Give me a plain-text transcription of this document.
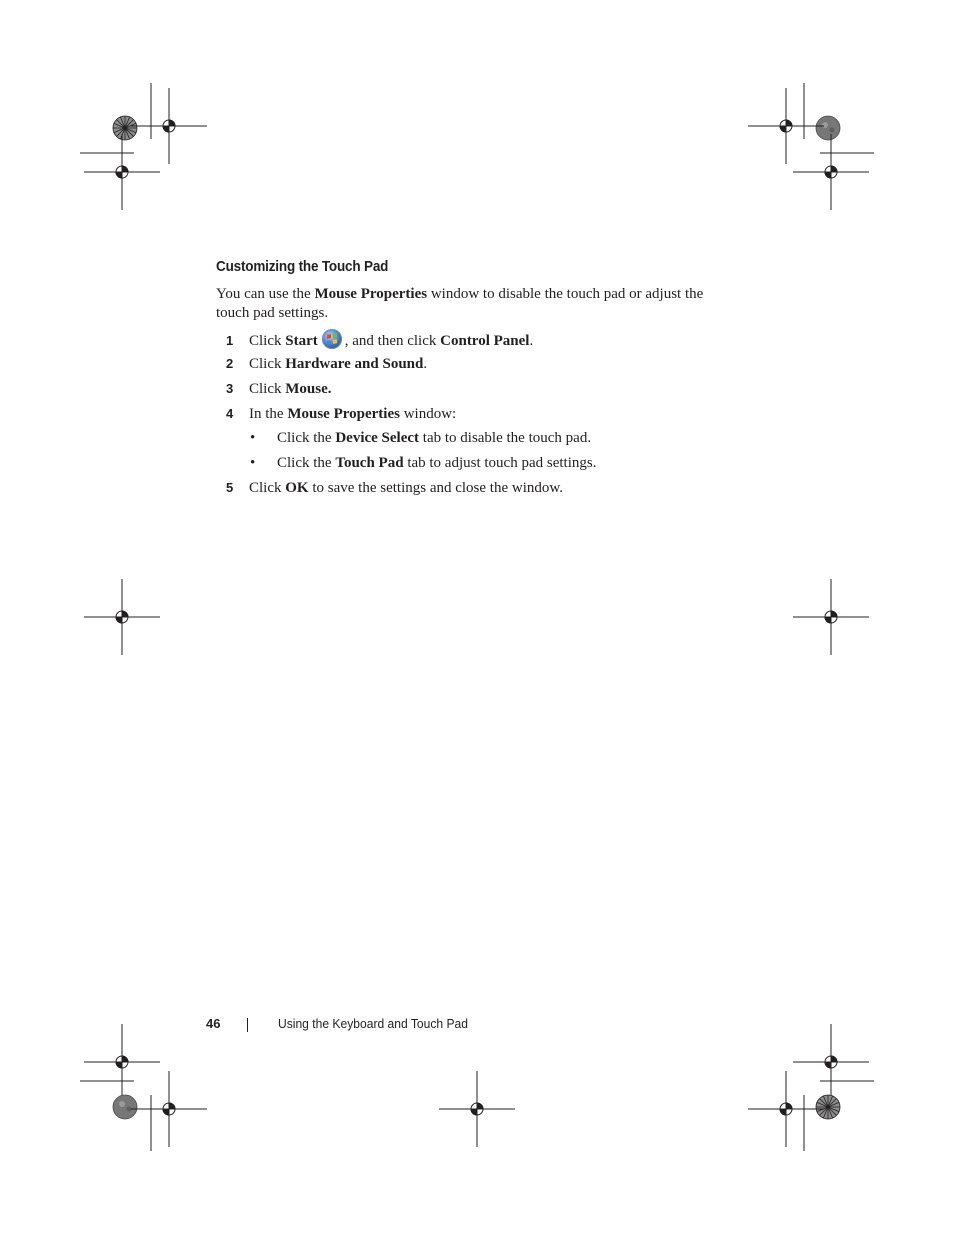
Customizing the Touch Pad

You can use the Mouse Properties window to disable the touch pad or adjust the touch pad settings.

1 Click Start , and then click Control Panel.
2 Click Hardware and Sound.
3 Click Mouse.
4 In the Mouse Properties window:
• Click the Device Select tab to disable the touch pad.
• Click the Touch Pad tab to adjust touch pad settings.
5 Click OK to save the settings and close the window.
46	Using the Keyboard and Touch Pad
